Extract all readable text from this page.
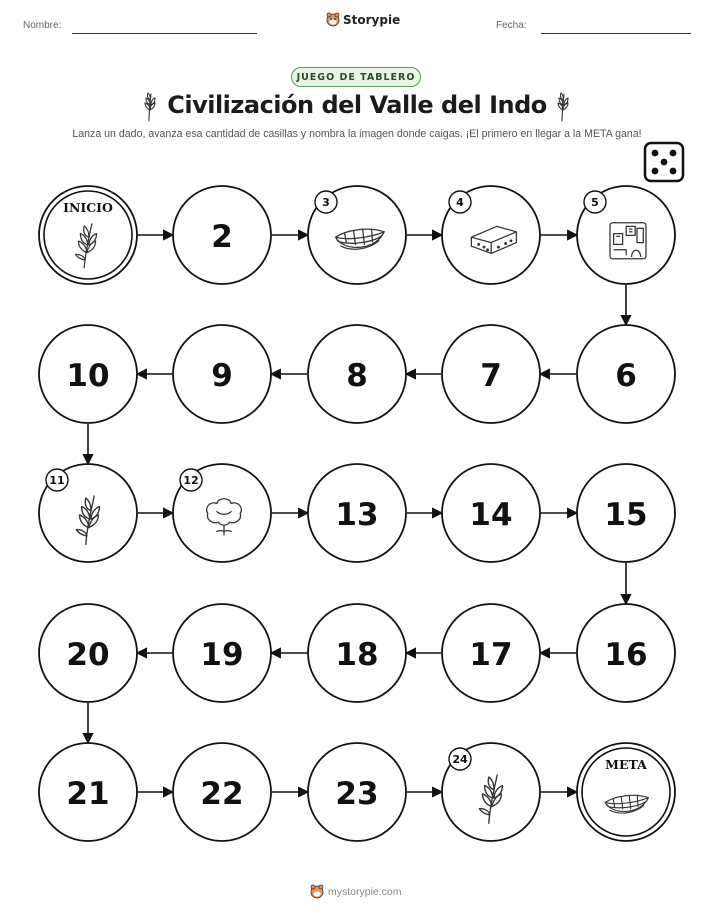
Nombre:	Storypie	Fecha:
JUEGO DE TABLERO
Civilización del Valle del Indo
Lanza un dado, avanza esa cantidad de casillas y nombra la imagen donde caigas. ¡El primero en llegar a la META gana!
INICIO
2
3	4	5
6
7
8
9
10
11	12
13	14	15
16
17
18
19
20
21	22	23
24	META
mystorypie.com
